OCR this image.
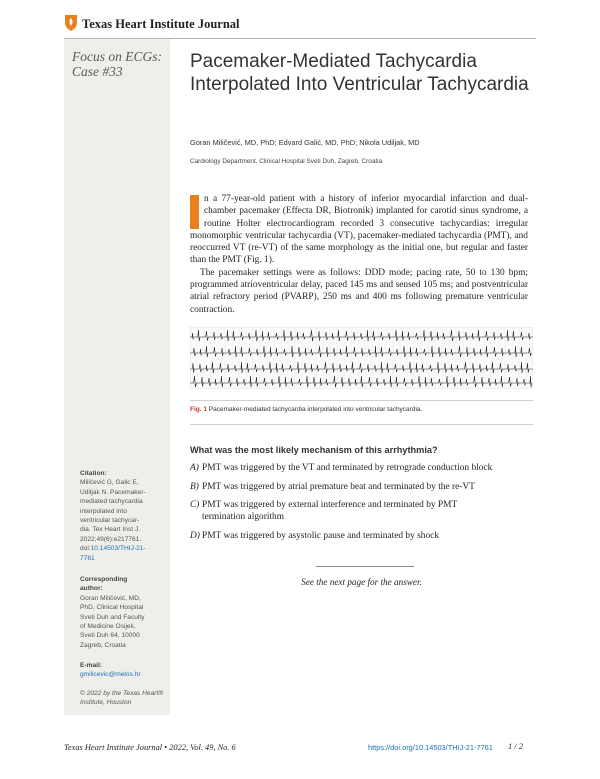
Texas Heart Institute Journal
Focus on ECGs:
Case #33
Citation:
Miličević G, Galic E,
Udiljak N. Pacemaker-
mediated tachycardia
interpolated into
ventricular tachycar-
dia. Tex Heart Inst J.
2022;49(6):e217761.
doi:10.14503/THIJ-21-
7761
Corresponding
author:
Goran Miličević, MD,
PhD, Clinical Hospital
Sveti Duh and Faculty
of Medicine Osijek,
Sveti Duh 64, 10000
Zagreb, Croatia
E-mail:
gmilicevic@melos.hr
© 2022 by the Texas Heart®
Institute, Houston
Pacemaker-Mediated Tachycardia Interpolated Into Ventricular Tachycardia
Goran Miličević, MD, PhD; Edvard Galić, MD, PhD; Nikola Udiljak, MD
Cardiology Department, Clinical Hospital Sveti Duh, Zagreb, Croatia

n a 77-year-old patient with a history of inferior myocardial infarction and dual-chamber pacemaker (Effecta DR, Biotronik) implanted for carotid sinus syndrome, a routine Holter electrocardiogram recorded 3 consecutive tachycardias: irregular monomorphic ventricular tachycardia (VT), pacemaker-mediated tachycardia (PMT), and reoccurred VT (re-VT) of the same morphology as the initial one, but regular and faster than the PMT (Fig. 1).

The pacemaker settings were as follows: DDD mode; pacing rate, 50 to 130 bpm; programmed atrioventricular delay, paced 145 ms and sensed 105 ms; and postventricular atrial refractory period (PVARP), 250 ms and 400 ms following premature ventricular contraction.

Fig. 1 Pacemaker-mediated tachycardia interpolated into ventricular tachycardia.
What was the most likely mechanism of this arrhythmia?
A) PMT was triggered by the VT and terminated by retrograde conduction block
B) PMT was triggered by atrial premature beat and terminated by the re-VT
C) PMT was triggered by external interference and terminated by PMT
termination algorithm
D) PMT was triggered by asystolic pause and terminated by shock
See the next page for the answer.
Texas Heart Institute Journal • 2022, Vol. 49, No. 6	https://doi.org/10.14503/THIJ-21-7761 1 / 2
